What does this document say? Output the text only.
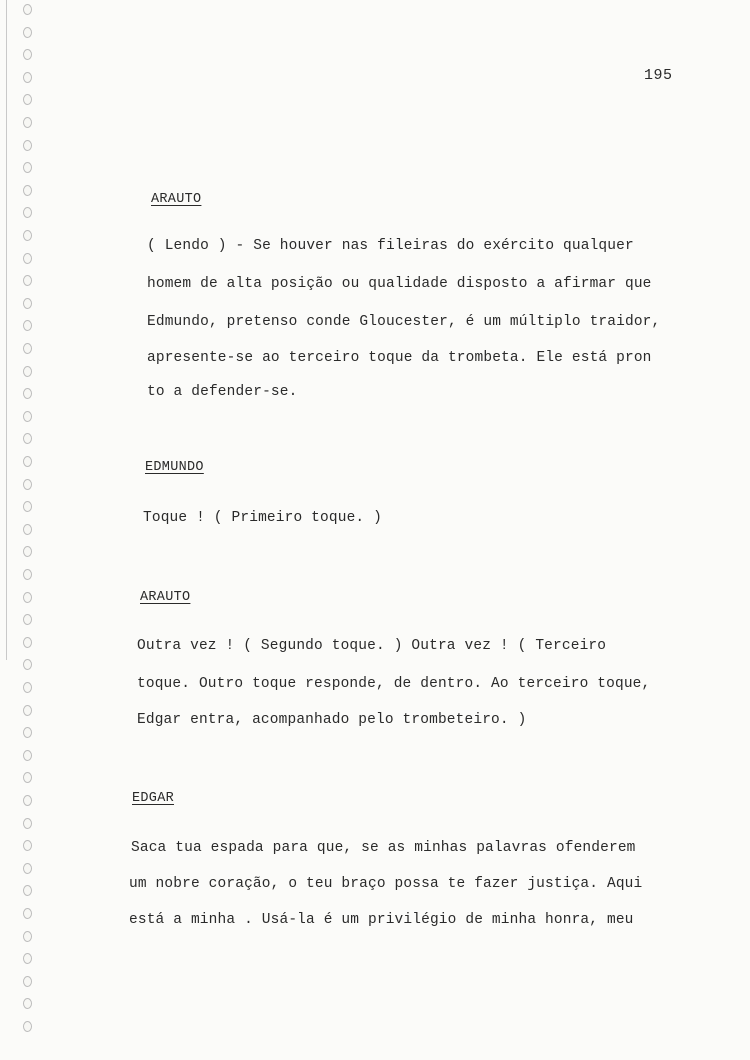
195
ARAUTO
( Lendo ) - Se houver nas fileiras do exército qualquer
homem de alta posição ou qualidade disposto a afirmar que
Edmundo, pretenso conde Gloucester, é um múltiplo traidor,
apresente-se ao terceiro toque da trombeta. Ele está pron
to a defender-se.
EDMUNDO
Toque ! ( Primeiro toque. )
ARAUTO
Outra vez ! ( Segundo toque. ) Outra vez ! ( Terceiro
toque. Outro toque responde, de dentro. Ao terceiro toque,
Edgar entra, acompanhado pelo trombeteiro. )
EDGAR
Saca tua espada para que, se as minhas palavras ofenderem
um nobre coração, o teu braço possa te fazer justiça. Aqui
está a minha . Usá-la é um privilégio de minha honra, meu
